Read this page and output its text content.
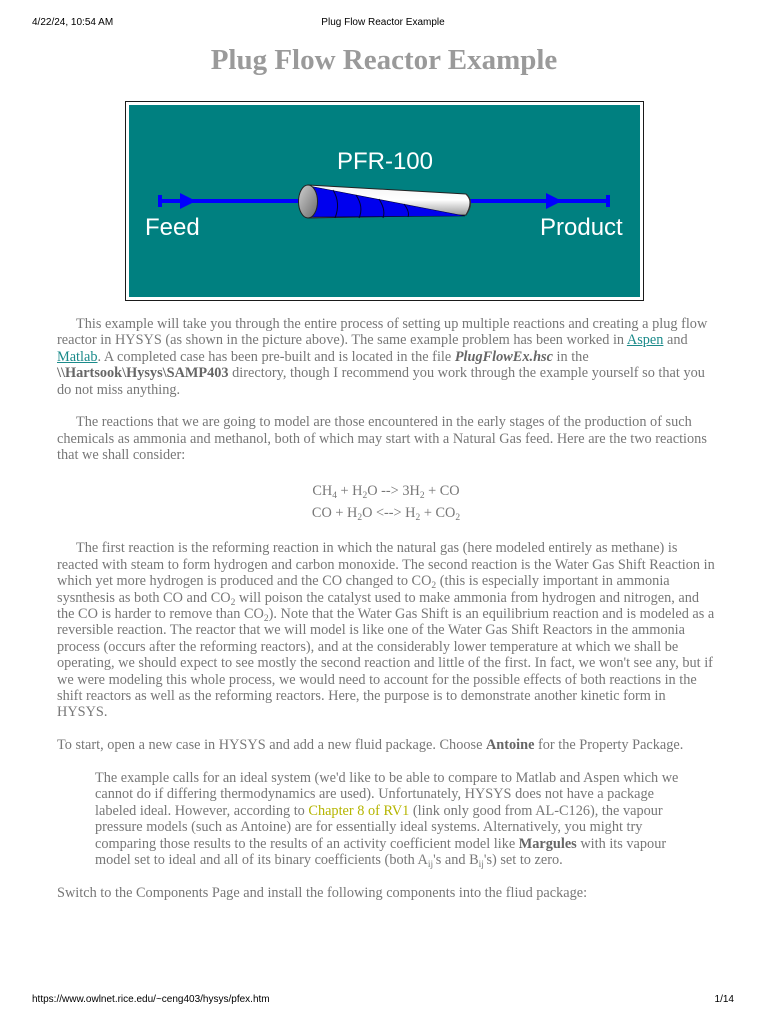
4/22/24, 10:54 AM	Plug Flow Reactor Example
Plug Flow Reactor Example
PFR-100
Feed	Product

This example will take you through the entire process of setting up multiple reactions and creating a plug flow reactor in HYSYS (as shown in the picture above). The same example problem has been worked in Aspen and Matlab. A completed case has been pre-built and is located in the file PlugFlowEx.hsc in the \\Hartsook\Hysys\SAMP403 directory, though I recommend you work through the example yourself so that you do not miss anything.

The reactions that we are going to model are those encountered in the early stages of the production of such chemicals as ammonia and methanol, both of which may start with a Natural Gas feed. Here are the two reactions that we shall consider:

$CH_4 + H_2O$ --> $3H_2$ + CO
CO + $H_2O$ <--> $H_2 + CO_2$

The first reaction is the reforming reaction in which the natural gas (here modeled entirely as methane) is reacted with steam to form hydrogen and carbon monoxide. The second reaction is the Water Gas Shift Reaction in which yet more hydrogen is produced and the CO changed to $CO_2$ (this is especially important in ammonia sysnthesis as both CO and $CO_2$ will poison the catalyst used to make ammonia from hydrogen and nitrogen, and the CO is harder to remove than $CO_2$). Note that the Water Gas Shift is an equilibrium reaction and is modeled as a reversible reaction. The reactor that we will model is like one of the Water Gas Shift Reactors in the ammonia process (occurs after the reforming reactors), and at the considerably lower temperature at which we shall be operating, we should expect to see mostly the second reaction and little of the first. In fact, we won't see any, but if we were modeling this whole process, we would need to account for the possible effects of both reactions in the shift reactors as well as the reforming reactors. Here, the purpose is to demonstrate another kinetic form in HYSYS.

To start, open a new case in HYSYS and add a new fluid package. Choose Antoine for the Property Package.

The example calls for an ideal system (we'd like to be able to compare to Matlab and Aspen which we cannot do if differing thermodynamics are used). Unfortunately, HYSYS does not have a package labeled ideal. However, according to Chapter 8 of RV1 (link only good from AL-C126), the vapour pressure models (such as Antoine) are for essentially ideal systems. Alternatively, you might try comparing those results to the results of an activity coefficient model like Margules with its vapour model set to ideal and all of its binary coefficients (both $A_{ij}'s$ and $B_{ij}'s$) set to zero.

Switch to the Components Page and install the following components into the fliud package:

https://www.owlnet.rice.edu/~ceng403/hysys/pfex.htm	1/14
